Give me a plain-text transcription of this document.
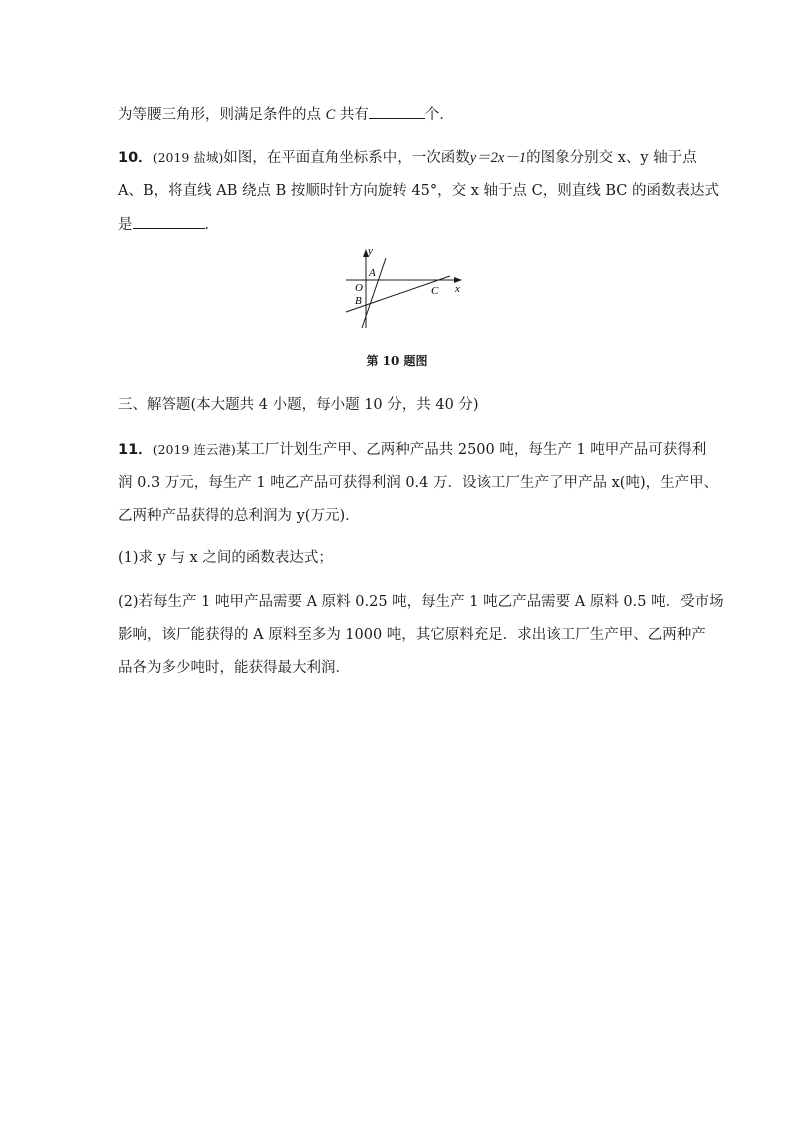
为等腰三角形，则满足条件的点 C 共有	个．
10．(2019 盐城)如图，在平面直角坐标系中，一次函数y＝2x－1的图象分别交 x、y 轴于点
A、B，将直线 AB 绕点 B 按顺时针方向旋转 45°，交 x 轴于点 C，则直线 BC 的函数表达式
是	．
y
x
A
O
B
C
第 10 题图
三、解答题(本大题共 4 小题，每小题 10 分，共 40 分)
11．(2019 连云港)某工厂计划生产甲、乙两种产品共 2500 吨，每生产 1 吨甲产品可获得利
润 0.3 万元，每生产 1 吨乙产品可获得利润 0.4 万．设该工厂生产了甲产品 x(吨)，生产甲、
乙两种产品获得的总利润为 y(万元)．
(1)求 y 与 x 之间的函数表达式；
(2)若每生产 1 吨甲产品需要 A 原料 0.25 吨，每生产 1 吨乙产品需要 A 原料 0.5 吨．受市场
影响，该厂能获得的 A 原料至多为 1000 吨，其它原料充足．求出该工厂生产甲、乙两种产
品各为多少吨时，能获得最大利润．
